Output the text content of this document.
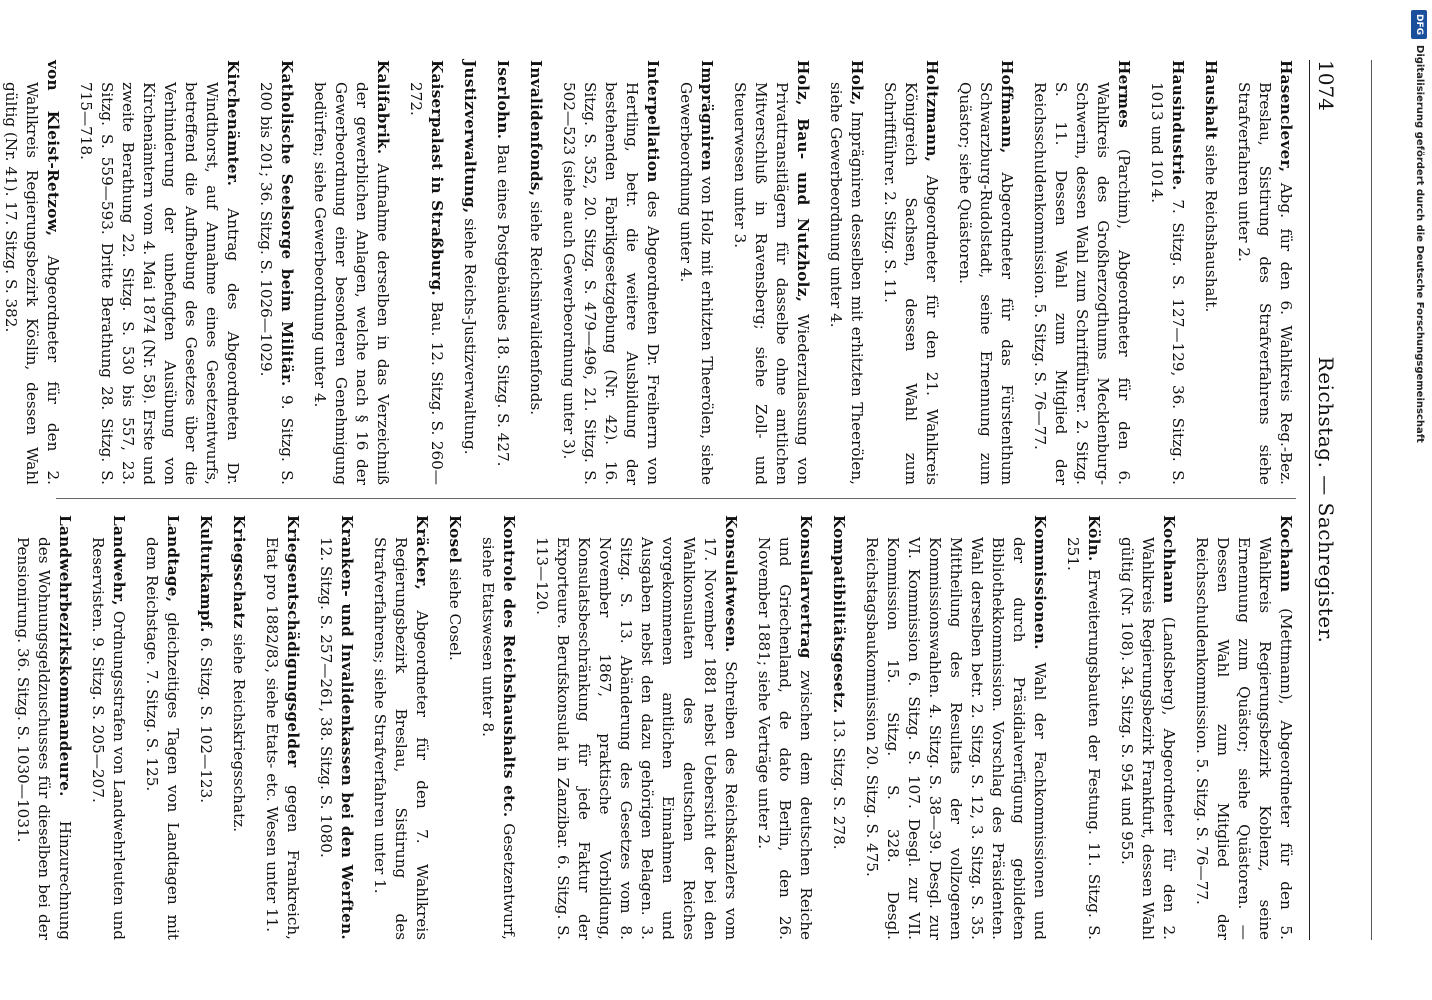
1074
Reichstag. — Sachregister.
Hasenclever, Abg. für den 6. Wahlkreis Reg.-Bez. Breslau, Sistirung des Strafverfahrens siehe Strafverfahren unter 2.
Haushalt siehe Reichshaushalt.
Hausindustrie. 7. Sitzg. S. 127—129, 36. Sitzg. S. 1013 und 1014.
Hermes (Parchim), Abgeordneter für den 6. Wahlkreis des Großherzogthums Mecklenburg-Schwerin, dessen Wahl zum Schriftführer. 2. Sitzg. S. 11. Dessen Wahl zum Mitglied der Reichsschuldenkommission. 5. Sitzg. S. 76—77.
Hoffmann, Abgeordneter für das Fürstenthum Schwarzburg-Rudolstadt, seine Ernennung zum Quästor; siehe Quästoren.
Holtzmann, Abgeordneter für den 21. Wahlkreis Königreich Sachsen, dessen Wahl zum Schriftführer. 2. Sitzg. S. 11.
Holz, Imprägniren desselben mit erhitzten Theerölen, siehe Gewerbeordnung unter 4.
Holz, Bau- und Nutzholz, Wiederzulassung von Privattransitlägern für dasselbe ohne amtlichen Mitverschluß in Ravensberg; siehe Zoll- und Steuerwesen unter 3.
Imprägniren von Holz mit erhitzten Theerölen, siehe Gewerbeordnung unter 4.
Interpellation des Abgeordneten Dr. Freiherrn von Hertling, betr. die weitere Ausbildung der bestehenden Fabrikgesetzgebung (Nr. 42). 16. Sitzg. S. 352, 20. Sitzg. S. 479—496, 21. Sitzg. S. 502—523 (siehe auch Gewerbeordnung unter 3).
Invalidenfonds, siehe Reichsinvalidenfonds.
Iserlohn. Bau eines Postgebäudes 18. Sitzg. S. 427.
Justizverwaltung, siehe Reichs-Justizverwaltung.
Kaiserpalast in Straßburg. Bau. 12. Sitzg. S. 260—272.
Kalifabrik. Aufnahme derselben in das Verzeichniß der gewerblichen Anlagen, welche nach § 16 der Gewerbeordnung einer besonderen Genehmigung bedürfen; siehe Gewerbeordnung unter 4.
Katholische Seelsorge beim Militär. 9. Sitzg. S. 200 bis 201; 36. Sitzg. S. 1026—1029.
Kirchenämter. Antrag des Abgeordneten Dr. Windthorst, auf Annahme eines Gesetzentwurfs, betreffend die Aufhebung des Gesetzes über die Verhinderung der unbefugten Ausübung von Kirchenämtern vom 4. Mai 1874 (Nr. 58). Erste und zweite Berathung 22. Sitzg. S. 530 bis 557, 23. Sitzg. S. 559—593. Dritte Berathung 28. Sitzg. S. 715—718.
von Kleist-Retzow, Abgeordneter für den 2. Wahlkreis Regierungsbezirk Köslin, dessen Wahl gültig (Nr. 41). 17. Sitzg. S. 382.
Kochann (Mettmann), Abgeordneter für den 5. Wahlkreis Regierungsbezirk Koblenz, seine Ernennung zum Quästor; siehe Quästoren. — Dessen Wahl zum Mitglied der Reichsschuldenkommission. 5. Sitzg. S. 76—77.
Kochhann (Landsberg), Abgeordneter für den 2. Wahlkreis Regierungsbezirk Frankfurt, dessen Wahl gültig (Nr. 108). 34. Sitzg. S. 954 und 955.
Köln. Erweiterungsbauten der Festung. 11. Sitzg. S. 251.
Kommissionen. Wahl der Fachkommissionen und der durch Präsidialverfügung gebildeten Bibliothekkommission. Vorschlag des Präsidenten. Wahl derselben betr. 2. Sitzg. S. 12, 3. Sitzg. S. 35. Mittheilung des Resultats der vollzogenen Kommissionswahlen. 4. Sitzg. S. 38—39. Desgl. zur VI. Kommission 6. Sitzg. S. 107. Desgl. zur VII. Kommission 15. Sitzg. S. 328. Desgl. Reichstagsbaukommission 20. Sitzg. S. 475.
Kompatibilitätsgesetz. 13. Sitzg. S. 278.
Konsularvertrag zwischen dem deutschen Reiche und Griechenland, de dato Berlin, den 26. November 1881; siehe Verträge unter 2.
Konsulatwesen. Schreiben des Reichskanzlers vom 17. November 1881 nebst Uebersicht der bei den Wahlkonsulaten des deutschen Reiches vorgekommenen amtlichen Einnahmen und Ausgaben nebst den dazu gehörigen Belagen. 3. Sitzg. S. 13. Abänderung des Gesetzes vom 8. November 1867, praktische Vorbildung, Konsulatsbeschränkung für jede Faktur der Exporteure. Berufskonsulat in Zanzibar. 6. Sitzg. S. 113—120.
Kontrole des Reichshaushalts etc. Gesetzentwurf, siehe Etatswesen unter 8.
Kosel siehe Cosel.
Kräcker, Abgeordneter für den 7. Wahlkreis Regierungsbezirk Breslau, Sistirung des Strafverfahrens; siehe Strafverfahren unter 1.
Kranken- und Invalidenkassen bei den Werften. 12. Sitzg. S. 257—261, 38. Sitzg. S. 1080.
Kriegsentschädigungsgelder gegen Frankreich, Etat pro 1882/83, siehe Etats- etc. Wesen unter 11.
Kriegsschatz siehe Reichskriegsschatz.
Kulturkampf. 6. Sitzg. S. 102—123.
Landtage, gleichzeitiges Tagen von Landtagen mit dem Reichstage. 7. Sitzg. S. 125.
Landwehr, Ordnungsstrafen von Landwehrleuten und Reservisten. 9. Sitzg. S. 205—207.
Landwehrbezirkskommandeure. Hinzurechnung des Wohnungsgeldzuschusses für dieselben bei der Pensionirung. 36. Sitzg. S. 1030—1031.
DFGDigitalisierung gefördert durch die Deutsche Forschungsgemeinschaft
